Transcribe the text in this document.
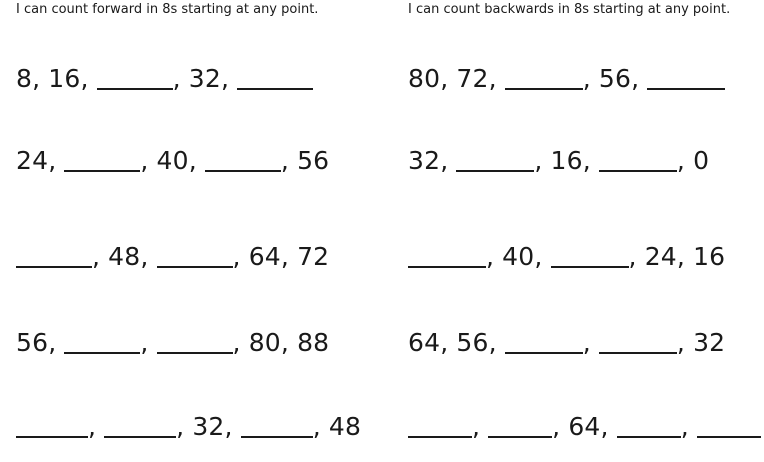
I can count forward in 8s starting at any point.	I can count backwards in 8s starting at any point.
8 , 16 ,	, 32 ,
24 ,	, 40 ,	, 56
, 48 ,	, 64 , 72
56 ,	,	, 80 , 88
,	, 32 ,	, 48
80 , 72 ,	, 56 ,
32 ,	, 16 ,	, 0
, 40 ,	, 24 , 16
64 , 56 ,	,	, 32
,	, 64 ,	,
